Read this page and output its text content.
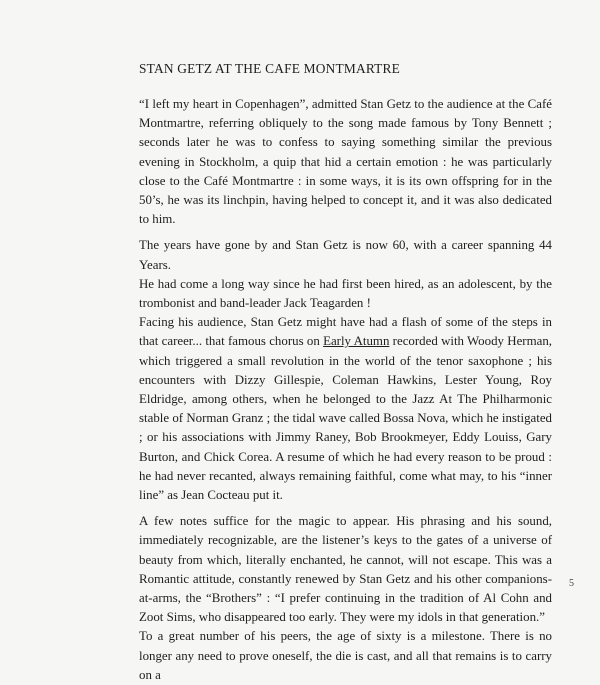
STAN GETZ AT THE CAFE MONTMARTRE

“I left my heart in Copenhagen”, admitted Stan Getz to the audience at the Café Montmartre, referring obliquely to the song made famous by Tony Bennett ; seconds later he was to confess to saying something similar the previous evening in Stockholm, a quip that hid a certain emotion : he was particularly close to the Café Montmartre : in some ways, it is its own offspring for in the 50’s, he was its linchpin, having helped to concept it, and it was also dedicated to him.

The years have gone by and Stan Getz is now 60, with a career spanning 44 Years.

He had come a long way since he had first been hired, as an adolescent, by the trombonist and band-leader Jack Teagarden !

Facing his audience, Stan Getz might have had a flash of some of the steps in that career... that famous chorus on Early Atumn recorded with Woody Herman, which triggered a small revolution in the world of the tenor saxophone ; his encounters with Dizzy Gillespie, Coleman Hawkins, Lester Young, Roy Eldridge, among others, when he belonged to the Jazz At The Philharmonic stable of Norman Granz ; the tidal wave called Bossa Nova, which he instigated ; or his associations with Jimmy Raney, Bob Brookmeyer, Eddy Louiss, Gary Burton, and Chick Corea. A resume of which he had every reason to be proud : he had never recanted, always remaining faithful, come what may, to his “inner line” as Jean Cocteau put it.

A few notes suffice for the magic to appear. His phrasing and his sound, immediately recognizable, are the listener’s keys to the gates of a universe of beauty from which, literally enchanted, he cannot, will not escape. This was a Romantic attitude, constantly renewed by Stan Getz and his other companions-at-arms, the “Brothers” : “I prefer continuing in the tradition of Al Cohn and Zoot Sims, who disappeared too early. They were my idols in that generation.”

To a great number of his peers, the age of sixty is a milestone. There is no longer any need to prove oneself, the die is cast, and all that remains is to carry on a

5
